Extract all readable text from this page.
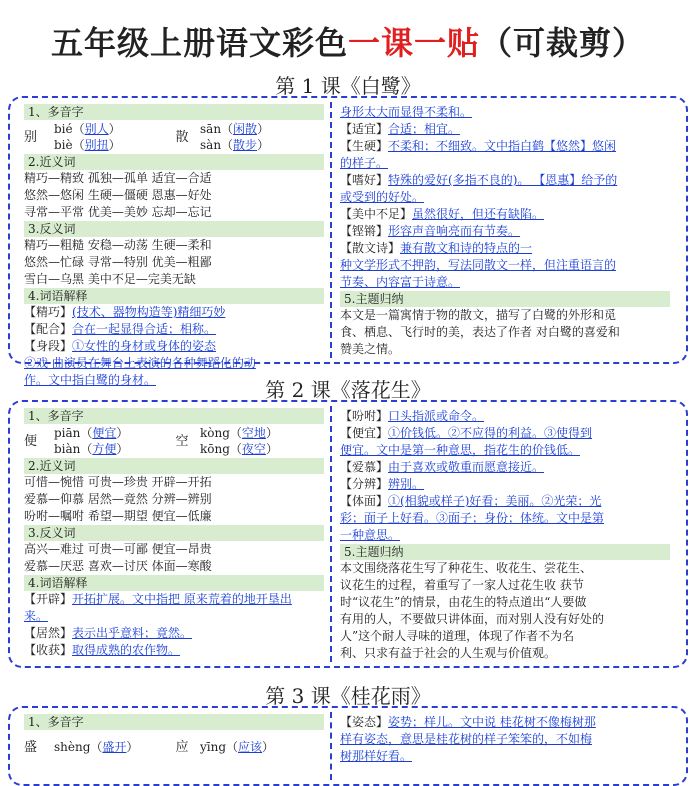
五年级上册语文彩色一课一贴（可裁剪）
第 1 课《白鹭》
1、多音字
别
bié（别人）
biè（别扭）
散
sān（闲散）
sàn（散步）
2.近义词
精巧—精致 孤独—孤单 适宜—合适
悠然—悠闲 生硬—僵硬 恩惠—好处
寻常—平常 优美—美妙 忘却—忘记
3.反义词
精巧—粗糙 安稳—动荡 生硬—柔和
悠然—忙碌 寻常—特别 优美—粗鄙
雪白—乌黑 美中不足—完美无缺
4.词语解释
【精巧】(技术、器物构造等)精细巧妙
【配合】合在一起显得合适；相称。
【身段】①女性的身材或身体的姿态
②戏 曲演员在舞台上表演的各种舞蹈化的动
作。文中指白鹭的身材。
身形太大而显得不柔和。
【适宜】合适；相宜。
【生硬】不柔和；不细致。文中指白鹤【悠然】悠闲
的样子。
【嗜好】特殊的爱好(多指不良的)。 【恩惠】给予的
或受到的好处。
【美中不足】虽然很好，但还有缺陷。
【铿锵】形容声音响亮而有节奏。
【散文诗】兼有散文和诗的特点的一
种文学形式不押韵，写法同散文一样，但注重语言的
节奏、内容富于诗意。
5.主题归纳
本文是一篇寓情于物的散文，描写了白鹭的外形和觅
食、栖息、飞行时的美，表达了作者 对白鹭的喜爱和
赞美之情。
第 2 课《落花生》
1、多音字
便
piān（便宜）
biàn（方便）
空
kòng（空地）
kōng（夜空）
2.近义词
可惜—惋惜 可贵—珍贵 开辟—开拓
爱慕—仰慕 居然—竟然 分辨—辨别
吩咐—嘱咐 希望—期望 便宜—低廉
3.反义词
高兴—难过 可贵—可鄙 便宜—昂贵
爱慕—厌恶 喜欢—讨厌 体面—寒酸
4.词语解释
【开辟】开拓扩展。文中指把 原来荒着的地开垦出
来。
【居然】表示出乎意料；竟然。
【收获】取得成熟的农作物。
【吩咐】口头指派或命令。
【便宜】①价钱低。②不应得的利益。③使得到
便宜。文中是第一种意思，指花生的价钱低。
【爱慕】由于喜欢或敬重而愿意接近。
【分辨】辨别。
【体面】①(相貌或样子)好看；美丽。②光荣；光
彩；面子上好看。③面子；身份；体统。文中是第
一种意思。
5.主题归纳
本文围绕落花生写了种花生、收花生、尝花生、
议花生的过程，着重写了一家人过花生收 获节
时“议花生”的情景，由花生的特点道出“人要做
有用的人，不要做只讲体面，而对别人没有好处的
人”这个耐人寻味的道理，体现了作者不为名
利、只求有益于社会的人生观与价值观。
第 3 课《桂花雨》
1、多音字
盛	shèng（盛开）	应 yīng（应该）
【姿态】姿势；样儿。文中说 桂花树不像梅树那
样有姿态，意思是桂花树的样子笨笨的，不如梅
树那样好看。
